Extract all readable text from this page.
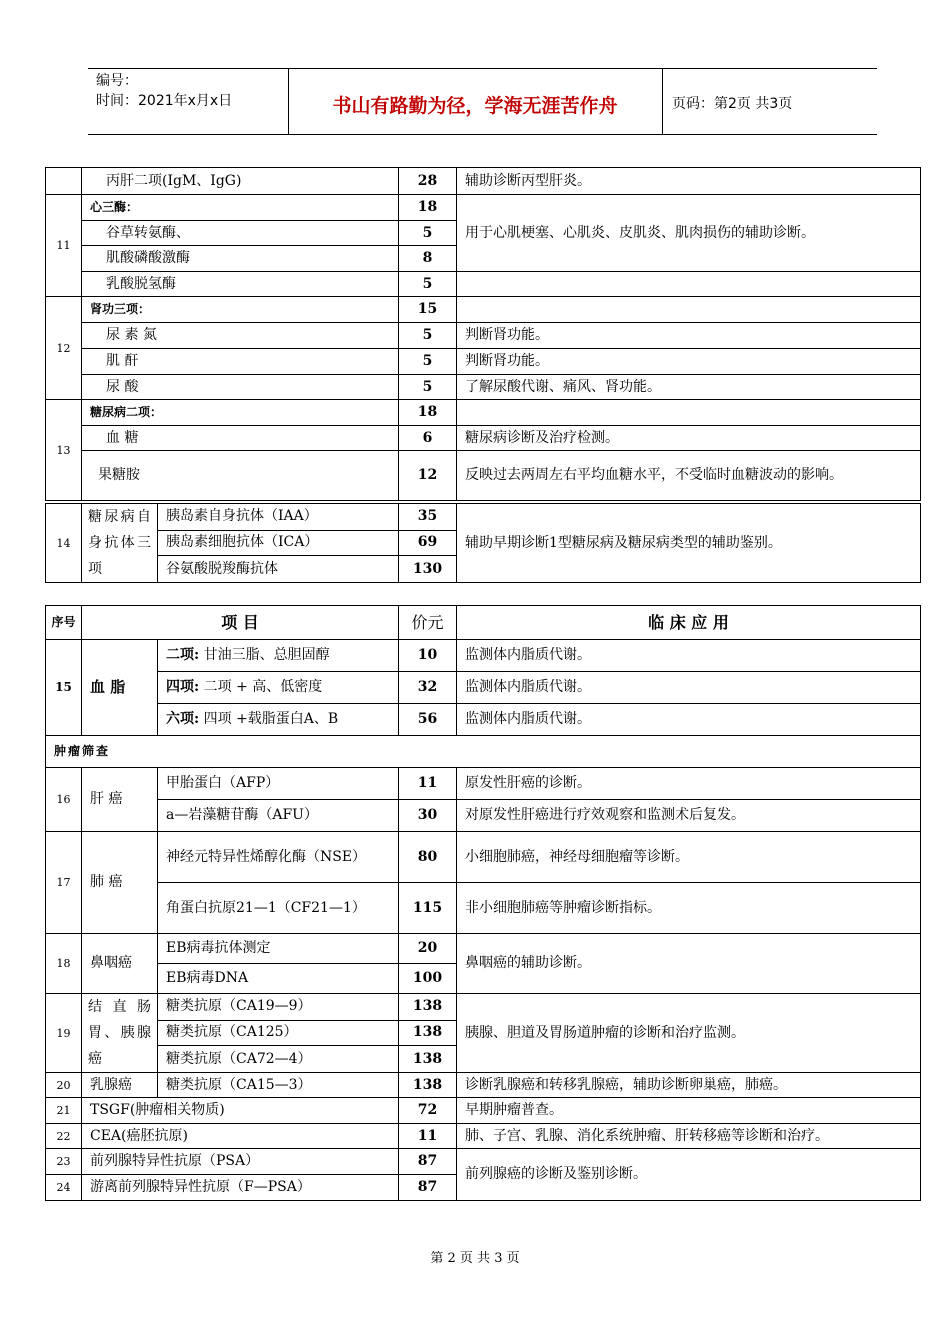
编号：
时间：2021年x月x日	书山有路勤为径，学海无涯苦作舟	页码：第2页 共3页
	丙肝二项(IgM、IgG)	28	辅助诊断丙型肝炎。
11	心三酶：	18	用于心肌梗塞、心肌炎、皮肌炎、肌肉损伤的辅助诊断。
	谷草转氨酶、	5	
	肌酸磷酸激酶	8	
	乳酸脱氢酶	5	
12	肾功三项：	15	
	尿 素 氮	5	判断肾功能。
	肌 酐	5	判断肾功能。
	尿 酸	5	了解尿酸代谢、痛风、肾功能。
13	糖尿病二项：	18	
	血 糖	6	糖尿病诊断及治疗检测。
	果糖胺	12	反映过去两周左右平均血糖水平，不受临时血糖波动的影响。
14	糖尿病自身抗体三项	胰岛素自身抗体（IAA）	35	辅助早期诊断1型糖尿病及糖尿病类型的辅助鉴别。
		胰岛素细胞抗体（ICA）	69	
		谷氨酸脱羧酶抗体	130	
序号	项 目		价元	临 床 应 用
15	血 脂	二项: 甘油三脂、总胆固醇	10	监测体内脂质代谢。
		四项: 二项 + 高、低密度	32	监测体内脂质代谢。
		六项: 四项 +载脂蛋白A、B	56	监测体内脂质代谢。
肿瘤筛查				
16	肝 癌	甲胎蛋白（AFP）	11	原发性肝癌的诊断。
		a—岩藻糖苷酶（AFU）	30	对原发性肝癌进行疗效观察和监测术后复发。
17	肺 癌	神经元特异性烯醇化酶（NSE）	80	小细胞肺癌，神经母细胞瘤等诊断。
		角蛋白抗原21—1（CF21—1）	115	非小细胞肺癌等肿瘤诊断指标。
18	鼻咽癌	EB病毒抗体测定	20	鼻咽癌的辅助诊断。
		EB病毒DNA	100	
19	结直肠胃、胰腺癌	糖类抗原（CA19—9）	138	胰腺、胆道及胃肠道肿瘤的诊断和治疗监测。
		糖类抗原（CA125）	138	
		糖类抗原（CA72—4）	138	
20	乳腺癌	糖类抗原（CA15—3）	138	诊断乳腺癌和转移乳腺癌，辅助诊断卵巢癌，肺癌。
21	TSGF(肿瘤相关物质)		72	早期肿瘤普查。
22	CEA(癌胚抗原)		11	肺、子宫、乳腺、消化系统肿瘤、肝转移癌等诊断和治疗。
23	前列腺特异性抗原（PSA）		87	前列腺癌的诊断及鉴别诊断。
24	游离前列腺特异性抗原（F—PSA）		87	
第 2 页 共 3 页
